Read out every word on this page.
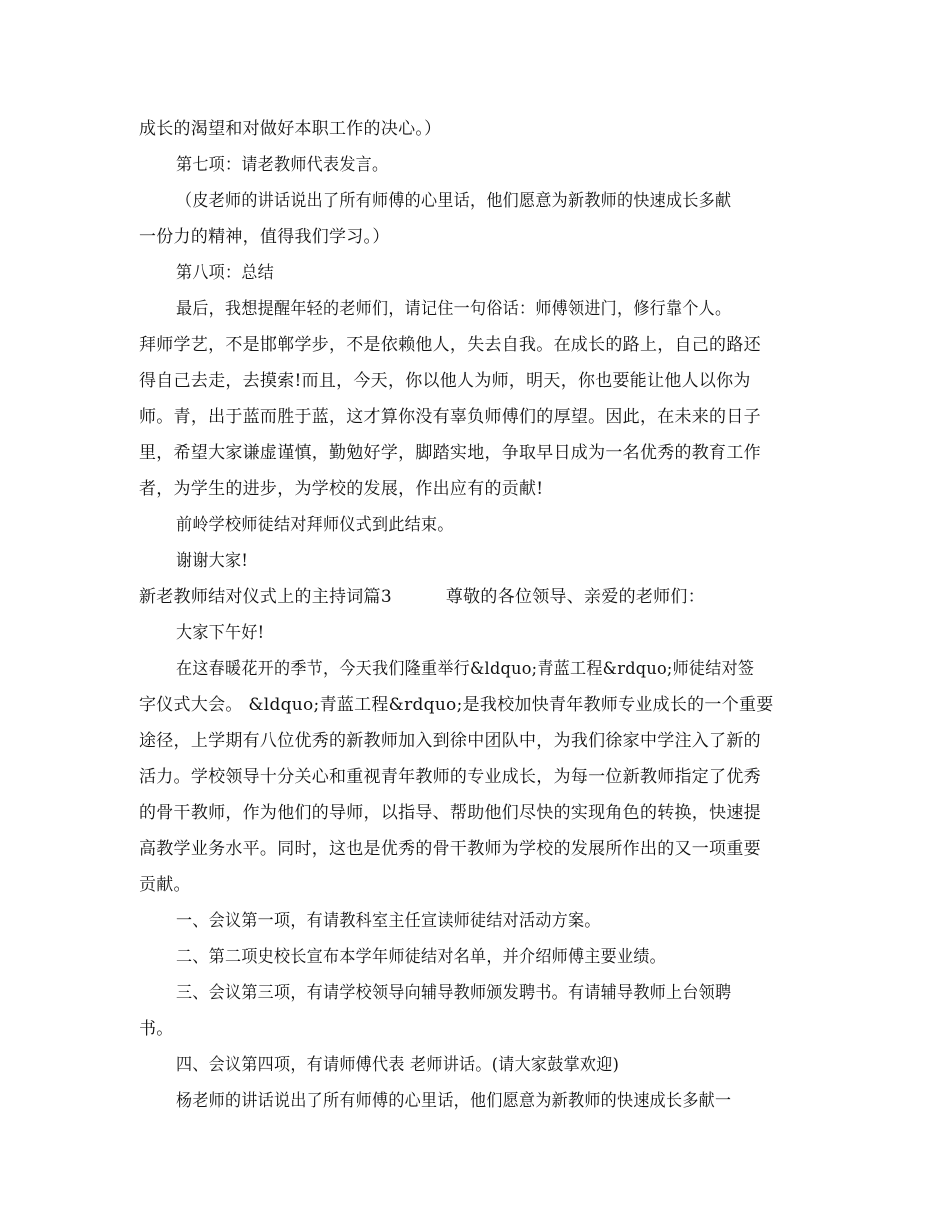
成长的渴望和对做好本职工作的决心。）
第七项：请老教师代表发言。
（皮老师的讲话说出了所有师傅的心里话，他们愿意为新教师的快速成长多献
一份力的精神，值得我们学习。）
第八项：总结
最后，我想提醒年轻的老师们，请记住一句俗话：师傅领进门，修行靠个人。
拜师学艺，不是邯郸学步，不是依赖他人，失去自我。在成长的路上，自己的路还
得自己去走，去摸索!而且，今天，你以他人为师，明天，你也要能让他人以你为
师。青，出于蓝而胜于蓝，这才算你没有辜负师傅们的厚望。因此，在未来的日子
里，希望大家谦虚谨慎，勤勉好学，脚踏实地，争取早日成为一名优秀的教育工作
者，为学生的进步，为学校的发展，作出应有的贡献!
前岭学校师徒结对拜师仪式到此结束。
谢谢大家!
新老教师结对仪式上的主持词篇3	尊敬的各位领导、亲爱的老师们：
大家下午好!
在这春暖花开的季节，今天我们隆重举行&ldquo;青蓝工程&rdquo;师徒结对签
字仪式大会。 &ldquo;青蓝工程&rdquo;是我校加快青年教师专业成长的一个重要
途径，上学期有八位优秀的新教师加入到徐中团队中，为我们徐家中学注入了新的
活力。学校领导十分关心和重视青年教师的专业成长，为每一位新教师指定了优秀
的骨干教师，作为他们的导师，以指导、帮助他们尽快的实现角色的转换，快速提
高教学业务水平。同时，这也是优秀的骨干教师为学校的发展所作出的又一项重要
贡献。
一、会议第一项，有请教科室主任宣读师徒结对活动方案。
二、第二项史校长宣布本学年师徒结对名单，并介绍师傅主要业绩。
三、会议第三项，有请学校领导向辅导教师颁发聘书。有请辅导教师上台领聘
书。
四、会议第四项，有请师傅代表 老师讲话。(请大家鼓掌欢迎)
杨老师的讲话说出了所有师傅的心里话，他们愿意为新教师的快速成长多献一
